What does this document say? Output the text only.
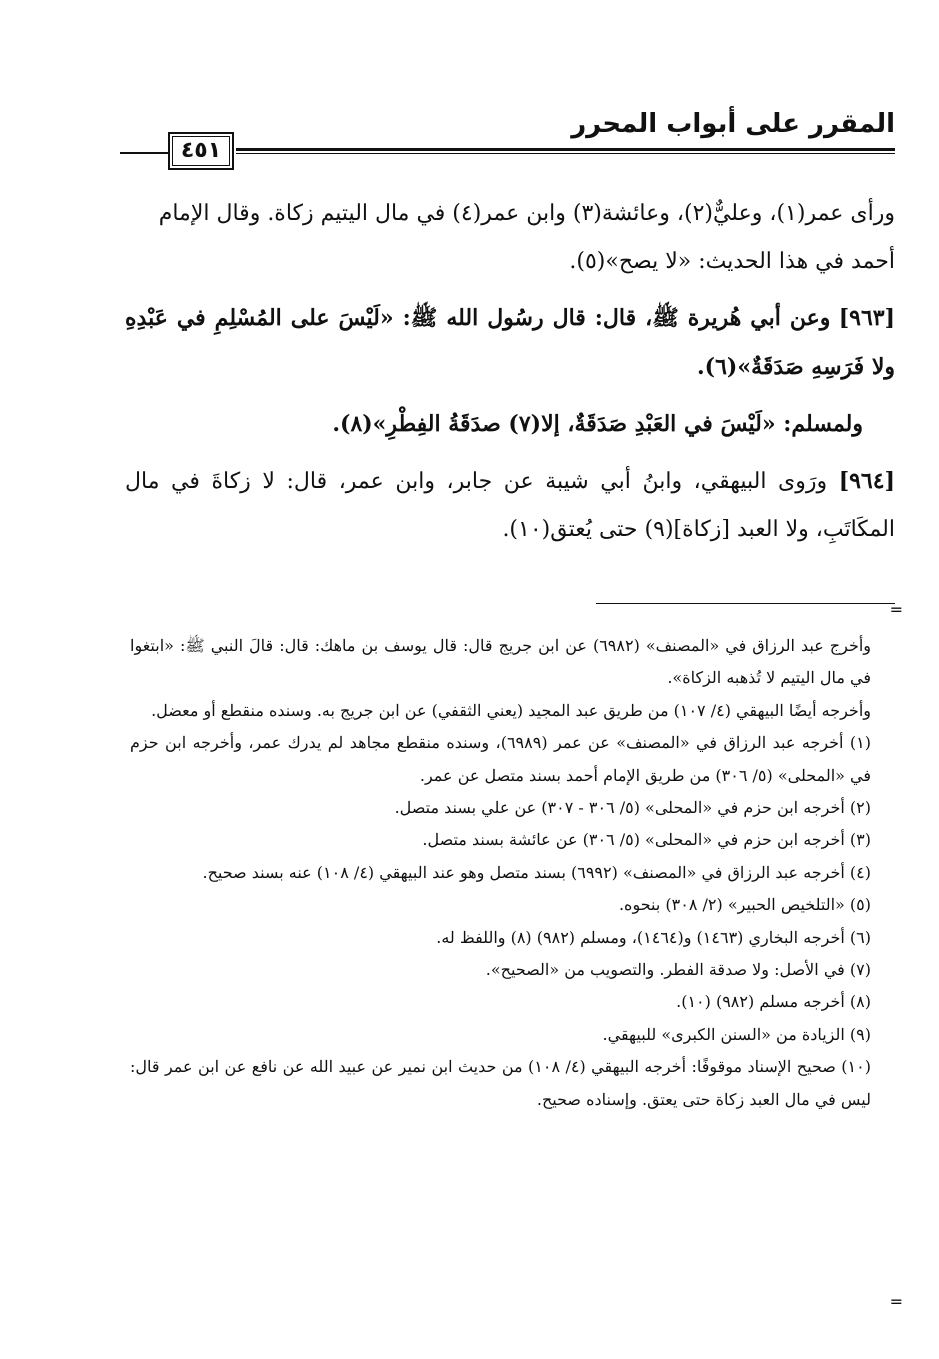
المقرر على أبواب المحرر
٤٥١

ورأى عمر(١)، وعليٌّ(٢)، وعائشة(٣) وابن عمر(٤) في مال اليتيم زكاة. وقال الإمام
أحمد في هذا الحديث: «لا يصح»(٥).

[٩٦٣] وعن أبي هُريرة ﷺ، قال: قال رسُول الله ﷺ: «لَيْسَ على المُسْلِمِ في عَبْدِهِ ولا فَرَسِهِ صَدَقَةٌ»(٦).

ولمسلم: «لَيْسَ في العَبْدِ صَدَقَةٌ، إلا(٧) صدَقَةُ الفِطْرِ»(٨).

[٩٦٤] ورَوى البيهقي، وابنُ أبي شيبة عن جابر، وابن عمر، قال: لا زكاةَ في مال المكَاتَبِ، ولا العبد [زكاة](٩) حتى يُعتق(١٠).

=

وأخرج عبد الرزاق في «المصنف» (٦٩٨٢) عن ابن جريج قال: قال يوسف بن ماهك: قال: قالَ النبي ﷺ: «ابتغوا في مال اليتيم لا تُذهبه الزكاة».

وأخرجه أيضًا البيهقي (٤/ ١٠٧) من طريق عبد المجيد (يعني الثقفي) عن ابن جريج به. وسنده منقطع أو معضل.

(١) أخرجه عبد الرزاق في «المصنف» عن عمر (٦٩٨٩)، وسنده منقطع مجاهد لم يدرك عمر، وأخرجه ابن حزم في «المحلى» (٥/ ٣٠٦) من طريق الإمام أحمد بسند متصل عن عمر.

(٢) أخرجه ابن حزم في «المحلى» (٥/ ٣٠٦ - ٣٠٧) عن علي بسند متصل.

(٣) أخرجه ابن حزم في «المحلى» (٥/ ٣٠٦) عن عائشة بسند متصل.

(٤) أخرجه عبد الرزاق في «المصنف» (٦٩٩٢) بسند متصل وهو عند البيهقي (٤/ ١٠٨) عنه بسند صحيح.

(٥) «التلخيص الحبير» (٢/ ٣٠٨) بنحوه.

(٦) أخرجه البخاري (١٤٦٣) و(١٤٦٤)، ومسلم (٩٨٢) (٨) واللفظ له.

(٧) في الأصل: ولا صدقة الفطر. والتصويب من «الصحيح».

(٨) أخرجه مسلم (٩٨٢) (١٠).

(٩) الزيادة من «السنن الكبرى» للبيهقي.

(١٠) صحيح الإسناد موقوفًا: أخرجه البيهقي (٤/ ١٠٨) من حديث ابن نمير عن عبيد الله عن نافع عن ابن عمر قال: ليس في مال العبد زكاة حتى يعتق. وإسناده صحيح.

=
